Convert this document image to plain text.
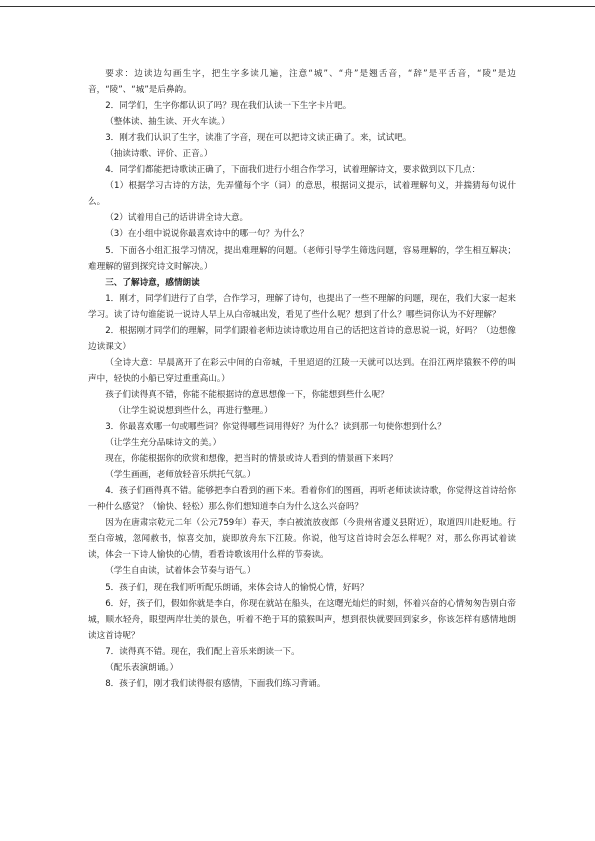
要求：边读边勾画生字，把生字多读几遍，注意“城”、“舟”是翘舌音，“辞”是平舌音，“陵”是边音，“陵”、“城”是后鼻韵。

2．同学们，生字你都认识了吗？现在我们认读一下生字卡片吧。

（整体读、抽生读、开火车读。）

3．刚才我们认识了生字，读准了字音，现在可以把诗文读正确了。来，试试吧。

（抽读诗歌、评价、正音。）

4．同学们都能把诗歌读正确了，下面我们进行小组合作学习，试着理解诗文，要求做到以下几点：

（1）根据学习古诗的方法，先弄懂每个字（词）的意思，根据词义提示，试着理解句义，并揣猜每句说什么。

（2）试着用自己的话讲讲全诗大意。

（3）在小组中说说你最喜欢诗中的哪一句？为什么？

5．下面各小组汇报学习情况，提出难理解的问题。（老师引导学生筛选问题，容易理解的，学生相互解决；难理解的留到探究诗文时解决。）

三、了解诗意，感情朗读

1．刚才，同学们进行了自学，合作学习，理解了诗句，也提出了一些不理解的问题，现在，我们大家一起来学习。读了诗句谁能说一说诗人早上从白帝城出发，看见了些什么呢？想到了什么？哪些词你认为不好理解？

2．根据刚才同学们的理解，同学们跟着老师边读诗歌边用自己的话把这首诗的意思说一说，好吗？（边想像边读课文）

（全诗大意：早晨离开了在彩云中间的白帝城，千里迢迢的江陵一天就可以达到。在沿江两岸猿猴不停的叫声中，轻快的小船已穿过重重高山。）

孩子们读得真不错，你能不能根据诗的意思想像一下，你能想到些什么呢？

（让学生说说想到些什么，再进行整理。）

3．你最喜欢哪一句或哪些词？你觉得哪些词用得好？为什么？读到那一句使你想到什么？

（让学生充分品味诗文的美。）

现在，你能根据你的欣赏和想像，把当时的情景或诗人看到的情景画下来吗？

（学生画画，老师放轻音乐烘托气氛。）

4．孩子们画得真不错。能够把李白看到的画下来。看着你们的图画，再听老师读读诗歌，你觉得这首诗给你一种什么感觉？（愉快、轻松）那么你们想知道李白为什么这么兴奋吗？

因为在唐肃宗乾元二年（公元759年）春天，李白被流放夜郎（今贵州省遵义县附近），取道四川赴贬地。行至白帝城，忽闻赦书，惊喜交加，旋即放舟东下江陵。你说，他写这首诗时会怎么样呢？对，那么你再试着读读，体会一下诗人愉快的心情，看看诗歌该用什么样的节奏读。

（学生自由读，试着体会节奏与语气。）

5．孩子们，现在我们听听配乐朗诵，来体会诗人的愉悦心情，好吗？

6．好，孩子们，假如你就是李白，你现在就站在船头，在这曙光灿烂的时刻，怀着兴奋的心情匆匆告别白帝城，顺水轻舟，眼望两岸壮美的景色，听着不绝于耳的猿猴叫声，想到很快就要回到家乡，你该怎样有感情地朗读这首诗呢？

7．读得真不错。现在，我们配上音乐来朗读一下。

（配乐表演朗诵。）

8．孩子们，刚才我们读得很有感情，下面我们练习背诵。
